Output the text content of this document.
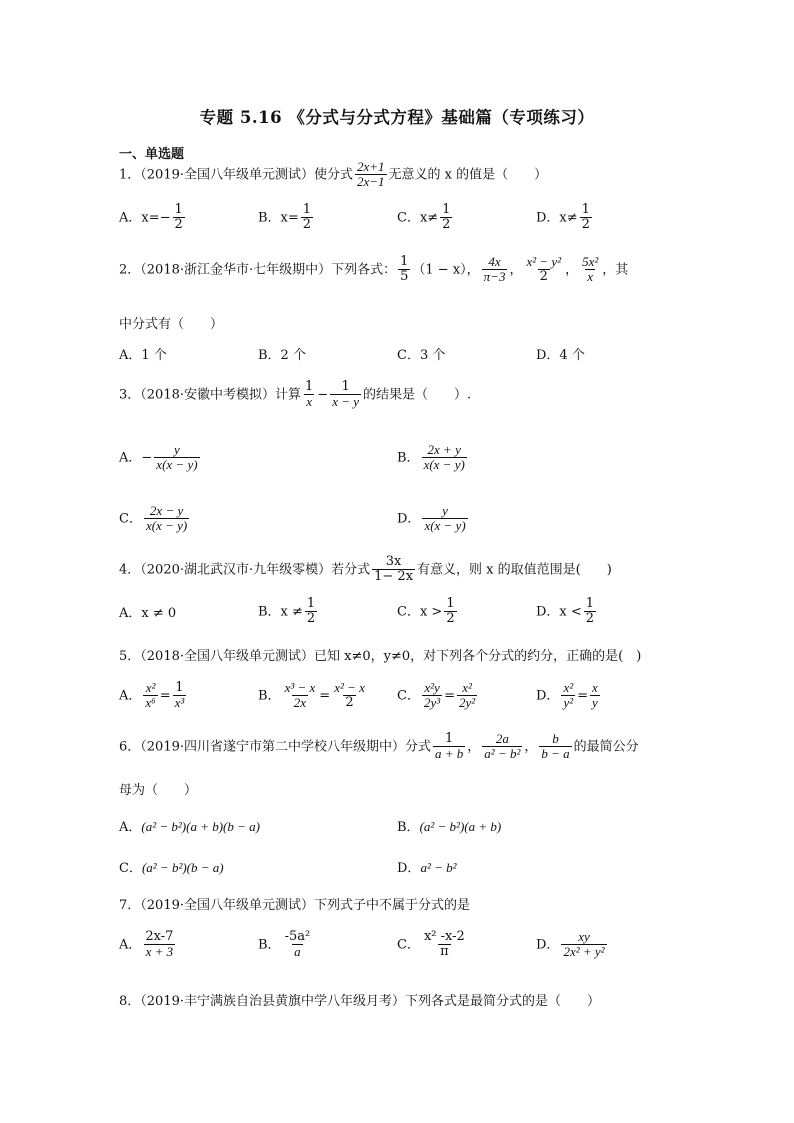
专题 5.16 《分式与分式方程》基础篇（专项练习）
一、单选题
1．（2019·全国八年级单元测试）使分式 $\frac{2x+1}{2x-1}$ 无意义的 x 的值是（　　）
A．$x=- \frac{1}{2}$	B．$x= \frac{1}{2}$	C．$x\ne \frac{1}{2}$	D．$x\ne \frac{1}{2}$
2．（2018·浙江金华市·七年级期中）下列各式： $\frac{1}{5} (1 - x)$， $\frac{4x}{\pi-3}$ ， $\frac{\text{x² − y²}}{2}$ ， $\frac{\text{5x²}}{x}$ ，其
中分式有（　　）
A．1 个	B．2 个	C．3 个	D．4 个
3．（2018·安徽中考模拟）计算 $\frac{1}{x} - \frac{1}{x - y}$ 的结果是（　　）.
A．− $\frac{y}{x(x - y)}$	B． $\frac{2x + y}{x(x - y)}$
C． $\frac{2x - y}{x(x - y)}$	D． $\frac{y}{x(x - y)}$
4．（2020·湖北武汉市·九年级零模）若分式 $\frac{3x}{1- 2x}$ 有意义，则 x 的取值范围是(　　)
A．x ≠ 0	B．$x \ne \frac{1}{2}$	C．$x > \frac{1}{2}$	D．$x < \frac{1}{2}$
5．（2018·全国八年级单元测试）已知 x≠0，y≠0，对下列各个分式的约分，正确的是(　)
A． $\frac{\text{x²}}{\text{x⁶}} = \frac{1}{\text{x³}}$	B． $\frac{\text{x³ − x}}{2x} = \frac{\text{x² − x}}{2}$ C． $\frac{\text{x²y}}{\text{2y³}} = \frac{\text{x²}}{\text{2y²}}$	D． $\frac{\text{x²}}{\text{y²}} = \frac{x}{y}$
6．（2019·四川省遂宁市第二中学校八年级期中）分式 $\frac{1}{a + b}$ ， $\frac{2a}{\text{a² − b²}}$ ， $\frac{b}{b - a}$ 的最简公分
母为（　　）
A．(a² − b²)(a + b)(b − a)	B．(a² − b²)(a + b)
C．(a² − b²)(b − a)	D．a² − b²
7．（2019·全国八年级单元测试）下列式子中不属于分式的是
A． $\frac{2x-7}{x + 3}$	B． $\frac{\text{-5a²}}{a}$	C． $\frac{\text{x² -x-2}}{\pi}$	D． $\frac{xy}{\text{2x² + y²}}$
8．（2019·丰宁满族自治县黄旗中学八年级月考）下列各式是最简分式的是（　　）
